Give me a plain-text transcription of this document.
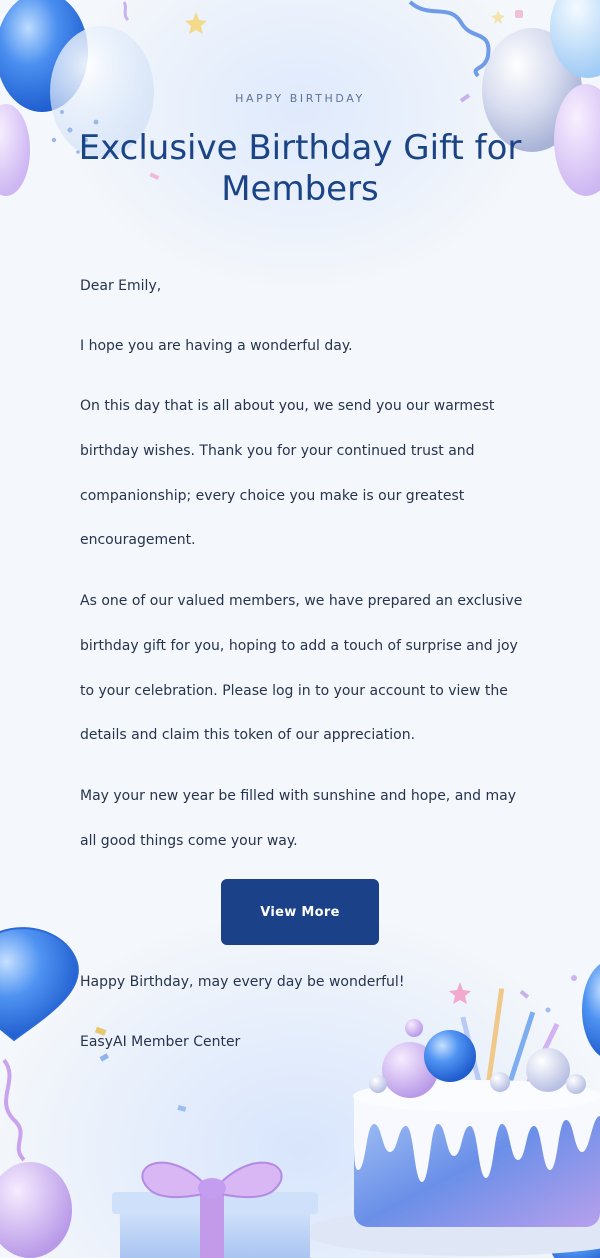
HAPPY BIRTHDAY
Exclusive Birthday Gift for Members

Dear Emily,

I hope you are having a wonderful day.

On this day that is all about you, we send you our warmest birthday wishes. Thank you for your continued trust and companionship; every choice you make is our greatest encouragement.

As one of our valued members, we have prepared an exclusive birthday gift for you, hoping to add a touch of surprise and joy to your celebration. Please log in to your account to view the details and claim this token of our appreciation.

May your new year be filled with sunshine and hope, and may all good things come your way.

View More

Happy Birthday, may every day be wonderful!

EasyAI Member Center
